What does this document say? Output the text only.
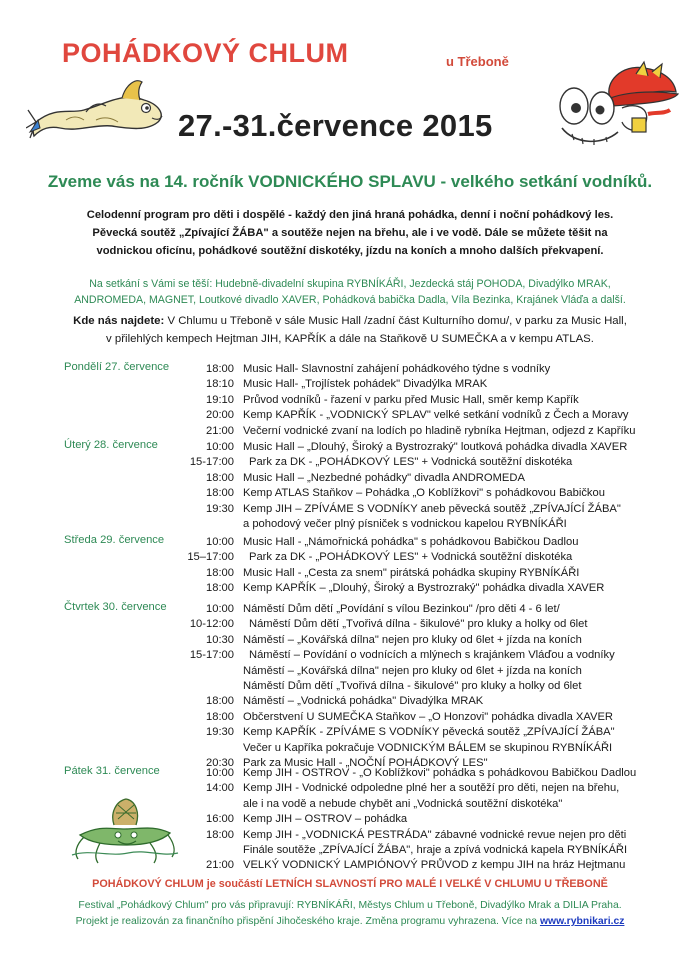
POHÁDKOVÝ CHLUM	u Třeboně
27.-31.července 2015
Zveme vás na 14. ročník VODNICKÉHO SPLAVU - velkého setkání vodníků.
Celodenní program pro děti i dospělé - každý den jiná hraná pohádka, denní i noční pohádkový les.
Pěvecká soutěž „Zpívající ŽÁBA" a soutěže nejen na břehu, ale i ve vodě. Dále se můžete těšit na
vodnickou oficínu, pohádkové soutěžní diskotéky, jízdu na koních a mnoho dalších překvapení.
Na setkání s Vámi se těší: Hudebně-divadelní skupina RYBNÍKÁŘI, Jezdecká stáj POHODA, Divadýlko MRAK,
ANDROMEDA, MAGNET, Loutkové divadlo XAVER, Pohádková babička Dadla, Víla Bezinka, Krajánek Vláďa a další.
Kde nás najdete: V Chlumu u Třeboně v sále Music Hall /zadní část Kulturního domu/, v parku za Music Hall,
v přilehlých kempech Hejtman JIH, KAPŘÍK a dále na Staňkově U SUMEČKA a v kempu ATLAS.
Pondělí 27. července	18:00 Music Hall- Slavnostní zahájení pohádkového týdne s vodníky
18:10 Music Hall- „Trojlístek pohádek" Divadýlka MRAK
19:10 Průvod vodníků - řazení v parku před Music Hall, směr kemp Kapřík
20:00 Kemp KAPŘÍK - „VODNICKÝ SPLAV" velké setkání vodníků z Čech a Moravy
21:00 Večerní vodnické zvaní na lodích po hladině rybníka Hejtman, odjezd z Kapříku
Úterý 28. července	10:00 Music Hall – „Dlouhý, Široký a Bystrozraký" loutková pohádka divadla XAVER
15-17:00 Park za DK - „POHÁDKOVÝ LES" + Vodnická soutěžní diskotéka
18:00 Music Hall – „Nezbedné pohádky" divadla ANDROMEDA
18:00 Kemp ATLAS Staňkov – Pohádka „O Koblížkovi" s pohádkovou Babičkou
19:30 Kemp JIH – ZPÍVÁME S VODNÍKY aneb pěvecká soutěž „ZPÍVAJÍCÍ ŽÁBA"
a pohodový večer plný písniček s vodnickou kapelou RYBNÍKÁŘI
Středa 29. července	10:00 Music Hall - „Námořnická pohádka" s pohádkovou Babičkou Dadlou
15–17:00 Park za DK - „POHÁDKOVÝ LES" + Vodnická soutěžní diskotéka
18:00 Music Hall - „Cesta za snem" pirátská pohádka skupiny RYBNÍKÁŘI
18:00 Kemp KAPŘÍK – „Dlouhý, Široký a Bystrozraký" pohádka divadla XAVER
Čtvrtek 30. července	10:00 Náměstí Dům dětí „Povídání s vílou Bezinkou" /pro děti 4 - 6 let/
10-12:00 Náměstí Dům dětí „Tvořivá dílna - šikulové" pro kluky a holky od 6let
10:30 Náměstí – „Kovářská dílna" nejen pro kluky od 6let + jízda na koních
15-17:00 Náměstí – Povídání o vodnících a mlýnech s krajánkem Vláďou a vodníky
Náměstí – „Kovářská dílna" nejen pro kluky od 6let + jízda na koních
Náměstí Dům dětí „Tvořivá dílna - šikulové" pro kluky a holky od 6let
18:00 Náměstí – „Vodnická pohádka" Divadýlka MRAK
18:00 Občerstvení U SUMEČKA Staňkov – „O Honzovi" pohádka divadla XAVER
19:30 Kemp KAPŘÍK - ZPÍVÁME S VODNÍKY pěvecká soutěž „ZPÍVAJÍCÍ ŽÁBA"
Večer u Kapříka pokračuje VODNICKÝM BÁLEM se skupinou RYBNÍKÁŘI
20:30 Park za Music Hall - „NOČNÍ POHÁDKOVÝ LES"
Pátek 31. července	10:00 Kemp JIH - OSTROV - „O Koblížkovi" pohádka s pohádkovou Babičkou Dadlou
14:00 Kemp JIH - Vodnické odpoledne plné her a soutěží pro děti, nejen na břehu,
ale i na vodě a nebude chybět ani „Vodnická soutěžní diskotéka"
16:00 Kemp JIH – OSTROV – pohádka
18:00 Kemp JIH - „VODNICKÁ PESTRÁDA" zábavné vodnické revue nejen pro děti
Finále soutěže „ZPÍVAJÍCÍ ŽÁBA", hraje a zpívá vodnická kapela RYBNÍKÁŘI
21:00 VELKÝ VODNICKÝ LAMPIÓNOVÝ PRŮVOD z kempu JIH na hráz Hejtmanu
POHÁDKOVÝ CHLUM je součástí LETNÍCH SLAVNOSTÍ PRO MALÉ I VELKÉ V CHLUMU U TŘEBONĚ
Festival „Pohádkový Chlum" pro vás připravují: RYBNÍKÁŘI, Městys Chlum u Třeboně, Divadýlko Mrak a DILIA Praha.
Projekt je realizován za finančního přispění Jihočeského kraje. Změna programu vyhrazena. Více na www.rybnikari.cz
